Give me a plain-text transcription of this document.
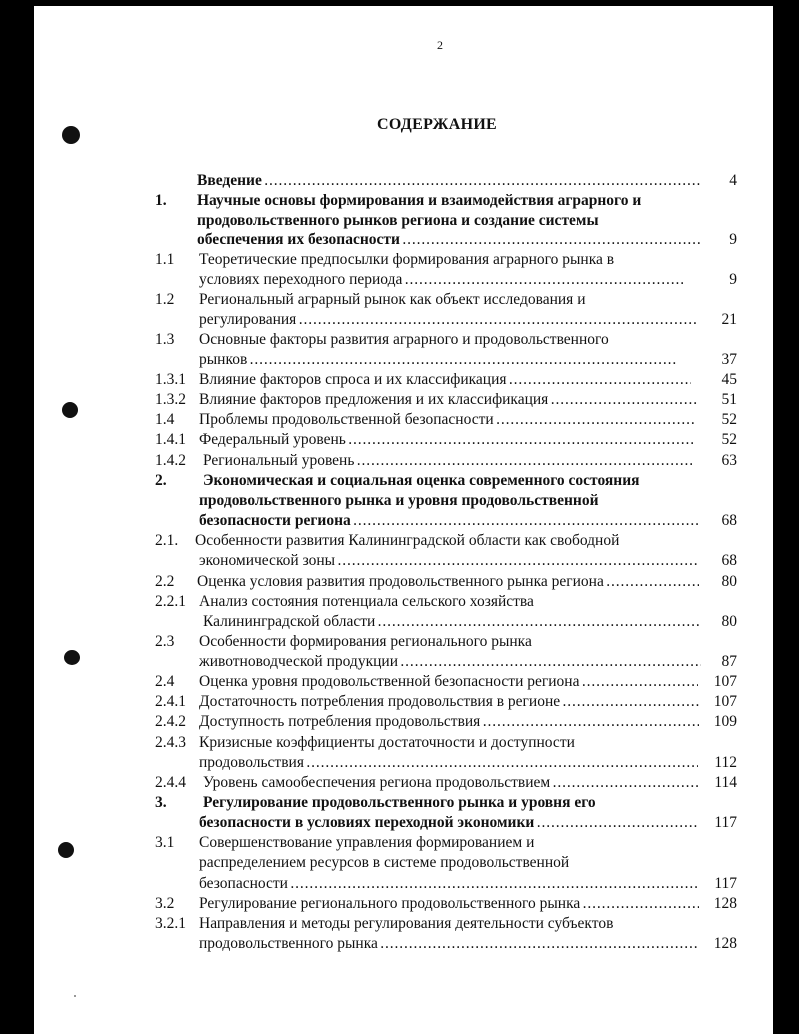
2
СОДЕРЖАНИЕ
Введение . . .	4
1. Научные основы формирования и взаимодействия аграрного и
продовольственного рынков региона и создание системы
обеспечения их безопасности . . .	9
1.1 Теоретические предпосылки формирования аграрного рынка в
условиях переходного периода . . .	9
1.2 Региональный аграрный рынок как объект исследования и
регулирования . . .	21
1.3 Основные факторы развития аграрного и продовольственного
рынков . . .	37
1.3.1 Влияние факторов спроса и их классификация . . .	45
1.3.2 Влияние факторов предложения и их классификация . . .	51
1.4 Проблемы продовольственной безопасности . . .	52
1.4.1 Федеральный уровень . . .	52
1.4.2 Региональный уровень . . .	63
2. Экономическая и социальная оценка современного состояния
продовольственного рынка и уровня продовольственной
безопасности региона . . .	68
2.1. Особенности развития Калининградской области как свободной
экономической зоны . . .	68
2.2 Оценка условия развития продовольственного рынка региона . . .	80
2.2.1 Анализ состояния потенциала сельского хозяйства
Калининградской области . . .	80
2.3 Особенности формирования регионального рынка
животноводческой продукции . . .	87
2.4 Оценка уровня продовольственной безопасности региона . . .	107
2.4.1 Достаточность потребления продовольствия в регионе . . .	107
2.4.2 Доступность потребления продовольствия . . .	109
2.4.3 Кризисные коэффициенты достаточности и доступности
продовольствия . . .	112
2.4.4 Уровень самообеспечения региона продовольствием . . .	114
3. Регулирование продовольственного рынка и уровня его
безопасности в условиях переходной экономики . . .	117
3.1 Совершенствование управления формированием и
распределением ресурсов в системе продовольственной
безопасности . . .	117
3.2 Регулирование регионального продовольственного рынка . . .	128
3.2.1 Направления и методы регулирования деятельности субъектов
продовольственного рынка . . .	128
